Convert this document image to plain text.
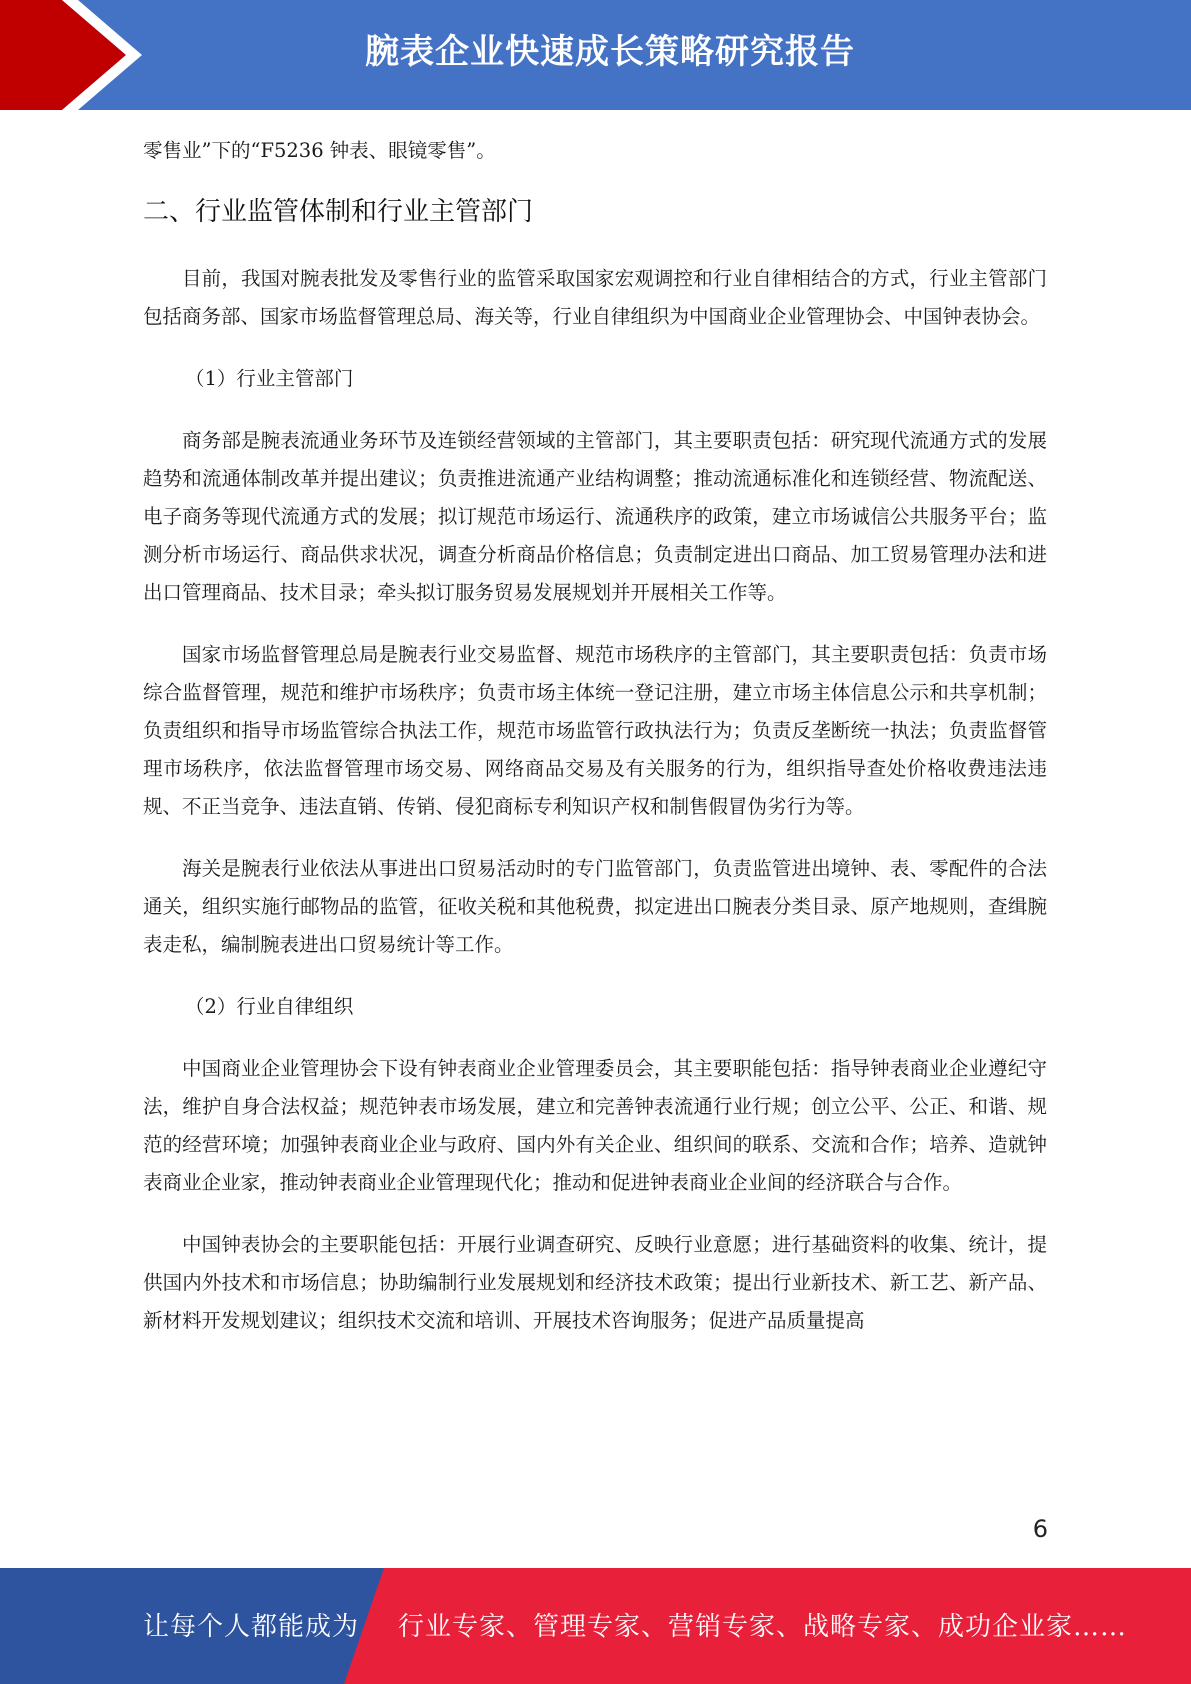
腕表企业快速成长策略研究报告

零售业”下的“F5236 钟表、眼镜零售”。

二、行业监管体制和行业主管部门

目前，我国对腕表批发及零售行业的监管采取国家宏观调控和行业自律相结合的方式，行业主管部门包括商务部、国家市场监督管理总局、海关等，行业自律组织为中国商业企业管理协会、中国钟表协会。

（1）行业主管部门

商务部是腕表流通业务环节及连锁经营领域的主管部门，其主要职责包括：研究现代流通方式的发展趋势和流通体制改革并提出建议；负责推进流通产业结构调整；推动流通标准化和连锁经营、物流配送、电子商务等现代流通方式的发展；拟订规范市场运行、流通秩序的政策，建立市场诚信公共服务平台；监测分析市场运行、商品供求状况，调查分析商品价格信息；负责制定进出口商品、加工贸易管理办法和进出口管理商品、技术目录；牵头拟订服务贸易发展规划并开展相关工作等。

国家市场监督管理总局是腕表行业交易监督、规范市场秩序的主管部门，其主要职责包括：负责市场综合监督管理，规范和维护市场秩序；负责市场主体统一登记注册，建立市场主体信息公示和共享机制；负责组织和指导市场监管综合执法工作，规范市场监管行政执法行为；负责反垄断统一执法；负责监督管理市场秩序，依法监督管理市场交易、网络商品交易及有关服务的行为，组织指导查处价格收费违法违规、不正当竞争、违法直销、传销、侵犯商标专利知识产权和制售假冒伪劣行为等。

海关是腕表行业依法从事进出口贸易活动时的专门监管部门，负责监管进出境钟、表、零配件的合法通关，组织实施行邮物品的监管，征收关税和其他税费，拟定进出口腕表分类目录、原产地规则，查缉腕表走私，编制腕表进出口贸易统计等工作。

（2）行业自律组织

中国商业企业管理协会下设有钟表商业企业管理委员会，其主要职能包括：指导钟表商业企业遵纪守法，维护自身合法权益；规范钟表市场发展，建立和完善钟表流通行业行规；创立公平、公正、和谐、规范的经营环境；加强钟表商业企业与政府、国内外有关企业、组织间的联系、交流和合作；培养、造就钟表商业企业家，推动钟表商业企业管理现代化；推动和促进钟表商业企业间的经济联合与合作。

中国钟表协会的主要职能包括：开展行业调查研究、反映行业意愿；进行基础资料的收集、统计，提供国内外技术和市场信息；协助编制行业发展规划和经济技术政策；提出行业新技术、新工艺、新产品、新材料开发规划建议；组织技术交流和培训、开展技术咨询服务；促进产品质量提高

6
让每个人都能成为 行业专家、管理专家、营销专家、战略专家、成功企业家……
